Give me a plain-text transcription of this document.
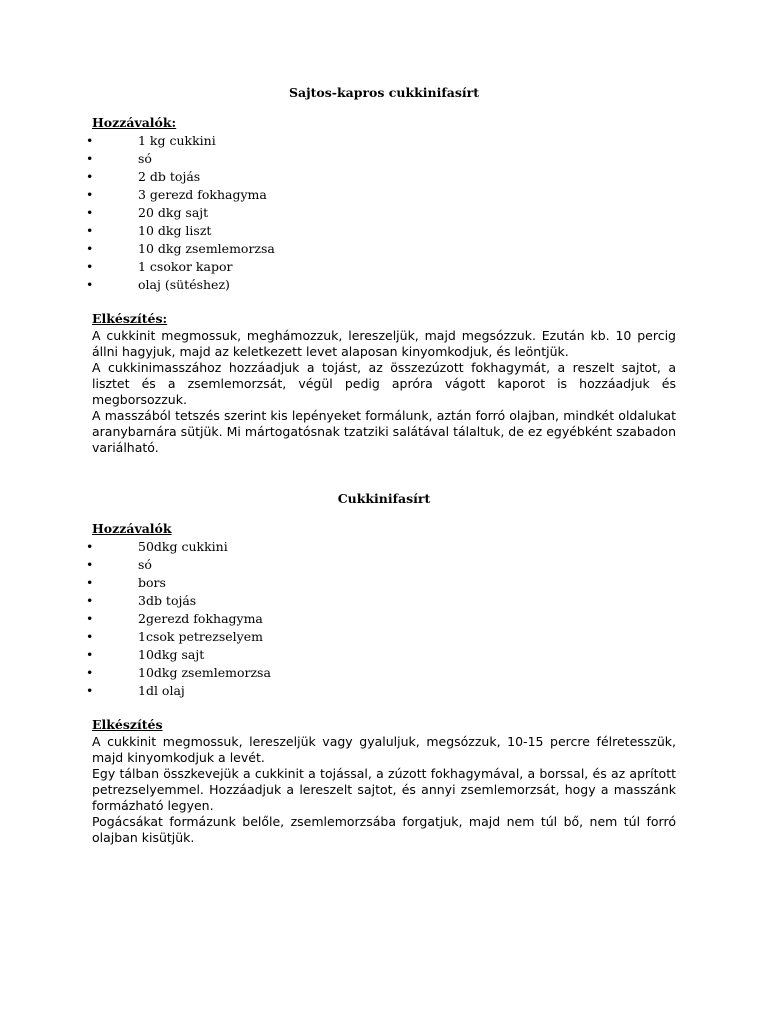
Sajtos-kapros cukkinifasírt

Hozzávalók:

• 1 kg cukkini
• só
• 2 db tojás
• 3 gerezd fokhagyma
• 20 dkg sajt
• 10 dkg liszt
• 10 dkg zsemlemorzsa
• 1 csokor kapor
• olaj (sütéshez)

Elkészítés:

A cukkinit megmossuk, meghámozzuk, lereszeljük, majd megsózzuk. Ezután kb. 10 percig állni hagyjuk, majd az keletkezett levet alaposan kinyomkodjuk, és leöntjük.

A cukkinimasszához hozzáadjuk a tojást, az összezúzott fokhagymát, a reszelt sajtot, a lisztet és a zsemlemorzsát, végül pedig apróra vágott kaporot is hozzáadjuk és megborsozzuk.

A masszából tetszés szerint kis lepényeket formálunk, aztán forró olajban, mindkét oldalukat aranybarnára sütjük. Mi mártogatósnak tzatziki salátával tálaltuk, de ez egyébként szabadon variálható.

Cukkinifasírt

Hozzávalók

• 50dkg cukkini
• só
• bors
• 3db tojás
• 2gerezd fokhagyma
• 1csok petrezselyem
• 10dkg sajt
• 10dkg zsemlemorzsa
• 1dl olaj

Elkészítés

A cukkinit megmossuk, lereszeljük vagy gyaluljuk, megsózzuk, 10-15 percre félretesszük, majd kinyomkodjuk a levét.

Egy tálban összkevejük a cukkinit a tojással, a zúzott fokhagymával, a borssal, és az aprított petrezselyemmel. Hozzáadjuk a lereszelt sajtot, és annyi zsemlemorzsát, hogy a masszánk formázható legyen.

Pogácsákat formázunk belőle, zsemlemorzsába forgatjuk, majd nem túl bő, nem túl forró olajban kisütjük.
